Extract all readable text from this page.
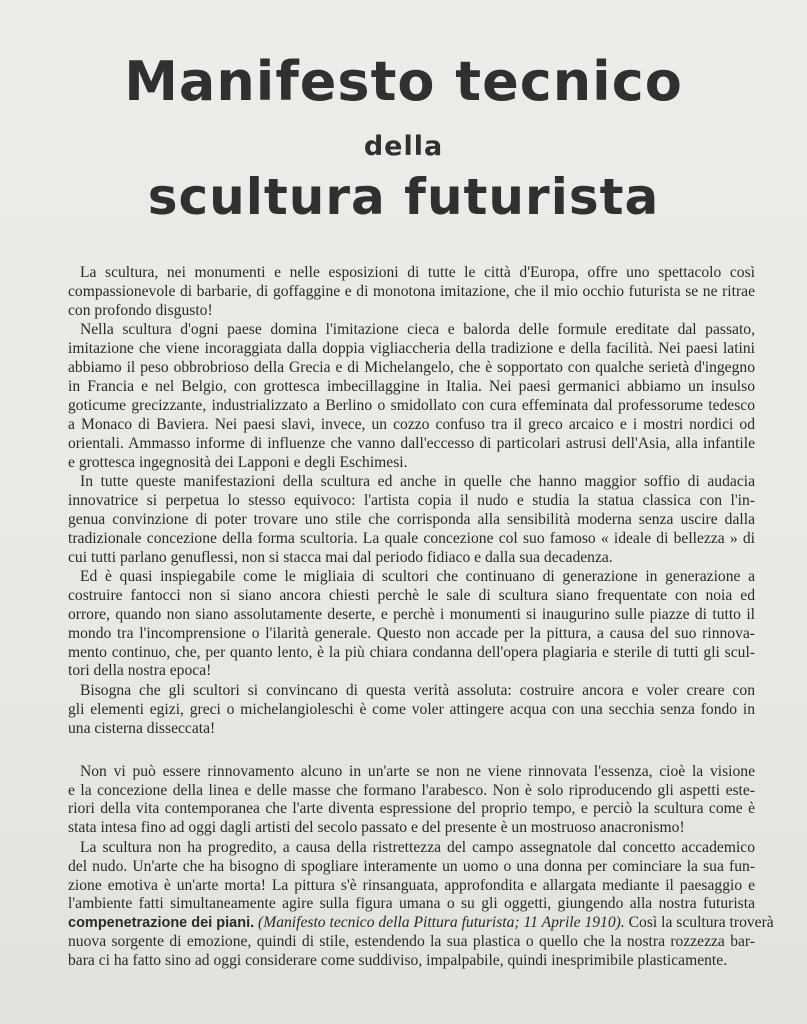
Manifesto tecnico
della
scultura futurista
La scultura, nei monumenti e nelle esposizioni di tutte le città d'Europa, offre uno spettacolo così
compassionevole di barbarie, di goffaggine e di monotona imitazione, che il mio occhio futurista se ne ritrae
con profondo disgusto!
Nella scultura d'ogni paese domina l'imitazione cieca e balorda delle formule ereditate dal passato,
imitazione che viene incoraggiata dalla doppia vigliaccheria della tradizione e della facilità. Nei paesi latini
abbiamo il peso obbrobrioso della Grecia e di Michelangelo, che è sopportato con qualche serietà d'ingegno
in Francia e nel Belgio, con grottesca imbecillaggine in Italia. Nei paesi germanici abbiamo un insulso
goticume grecizzante, industrializzato a Berlino o smidollato con cura effeminata dal professorume tedesco
a Monaco di Baviera. Nei paesi slavi, invece, un cozzo confuso tra il greco arcaico e i mostri nordici od
orientali. Ammasso informe di influenze che vanno dall'eccesso di particolari astrusi dell'Asia, alla infantile
e grottesca ingegnosità dei Lapponi e degli Eschimesi.
In tutte queste manifestazioni della scultura ed anche in quelle che hanno maggior soffio di audacia
innovatrice si perpetua lo stesso equivoco: l'artista copia il nudo e studia la statua classica con l'in-
genua convinzione di poter trovare uno stile che corrisponda alla sensibilità moderna senza uscire dalla
tradizionale concezione della forma scultoria. La quale concezione col suo famoso « ideale di bellezza » di
cui tutti parlano genuflessi, non si stacca mai dal periodo fidiaco e dalla sua decadenza.
Ed è quasi inspiegabile come le migliaia di scultori che continuano di generazione in generazione a
costruire fantocci non si siano ancora chiesti perchè le sale di scultura siano frequentate con noia ed
orrore, quando non siano assolutamente deserte, e perchè i monumenti si inaugurino sulle piazze di tutto il
mondo tra l'incomprensione o l'ilarità generale. Questo non accade per la pittura, a causa del suo rinnova-
mento continuo, che, per quanto lento, è la più chiara condanna dell'opera plagiaria e sterile di tutti gli scul-
tori della nostra epoca!
Bisogna che gli scultori si convincano di questa verità assoluta: costruire ancora e voler creare con
gli elementi egizi, greci o michelangioleschi è come voler attingere acqua con una secchia senza fondo in
una cisterna disseccata!
Non vi può essere rinnovamento alcuno in un'arte se non ne viene rinnovata l'essenza, cioè la visione
e la concezione della linea e delle masse che formano l'arabesco. Non è solo riproducendo gli aspetti este-
riori della vita contemporanea che l'arte diventa espressione del proprio tempo, e perciò la scultura come è
stata intesa fino ad oggi dagli artisti del secolo passato e del presente è un mostruoso anacronismo!
La scultura non ha progredito, a causa della ristrettezza del campo assegnatole dal concetto accademico
del nudo. Un'arte che ha bisogno di spogliare interamente un uomo o una donna per cominciare la sua fun-
zione emotiva è un'arte morta! La pittura s'è rinsanguata, approfondita e allargata mediante il paesaggio e
l'ambiente fatti simultaneamente agire sulla figura umana o su gli oggetti, giungendo alla nostra futurista
compenetrazione dei piani. (Manifesto tecnico della Pittura futurista; 11 Aprile 1910). Così la scultura troverà
nuova sorgente di emozione, quindi di stile, estendendo la sua plastica o quello che la nostra rozzezza bar-
bara ci ha fatto sino ad oggi considerare come suddiviso, impalpabile, quindi inesprimibile plasticamente.
